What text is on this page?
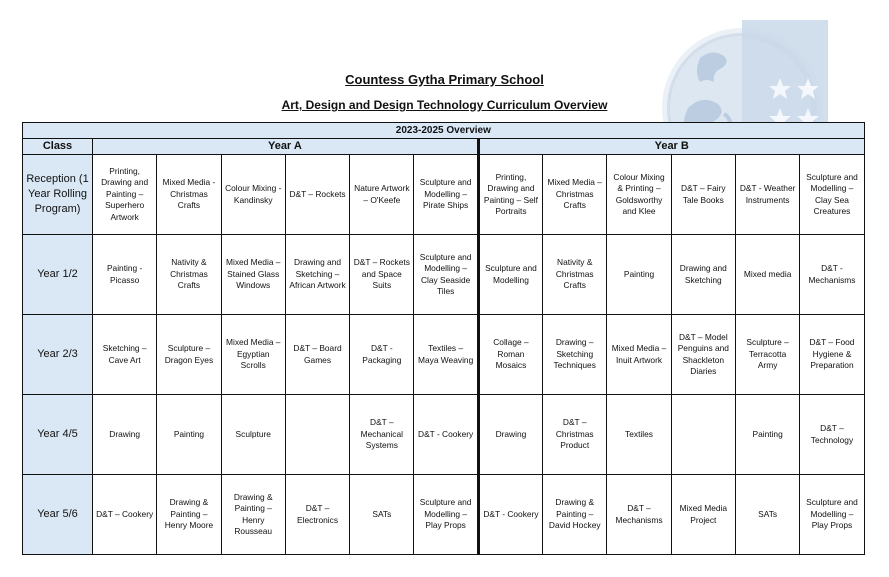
Countess Gytha Primary School
Art, Design and Design Technology Curriculum Overview
2023-2025 Overview												
Class	Year A						Year B					
Reception (1 Year Rolling Program)	Printing, Drawing and Painting – Superhero Artwork	Mixed Media - Christmas Crafts	Colour Mixing - Kandinsky	D&T – Rockets	Nature Artwork – O'Keefe	Sculpture and Modelling – Pirate Ships	Printing, Drawing and Painting – Self Portraits	Mixed Media – Christmas Crafts	Colour Mixing & Printing – Goldsworthy and Klee	D&T – Fairy Tale Books	D&T - Weather Instruments	Sculpture and Modelling – Clay Sea Creatures
Year 1/2	Painting - Picasso	Nativity & Christmas Crafts	Mixed Media – Stained Glass Windows	Drawing and Sketching – African Artwork	D&T – Rockets and Space Suits	Sculpture and Modelling – Clay Seaside Tiles	Sculpture and Modelling	Nativity & Christmas Crafts	Painting	Drawing and Sketching	Mixed media	D&T - Mechanisms
Year 2/3	Sketching – Cave Art	Sculpture – Dragon Eyes	Mixed Media – Egyptian Scrolls	D&T – Board Games	D&T - Packaging	Textiles – Maya Weaving	Collage – Roman Mosaics	Drawing – Sketching Techniques	Mixed Media – Inuit Artwork	D&T – Model Penguins and Shackleton Diaries	Sculpture – Terracotta Army	D&T – Food Hygiene & Preparation
Year 4/5	Drawing	Painting	Sculpture		D&T – Mechanical Systems	D&T - Cookery	Drawing	D&T – Christmas Product	Textiles		Painting	D&T – Technology
Year 5/6	D&T – Cookery	Drawing & Painting – Henry Moore	Drawing & Painting – Henry Rousseau	D&T – Electronics	SATs	Sculpture and Modelling – Play Props	D&T - Cookery	Drawing & Painting – David Hockey	D&T – Mechanisms	Mixed Media Project	SATs	Sculpture and Modelling – Play Props
